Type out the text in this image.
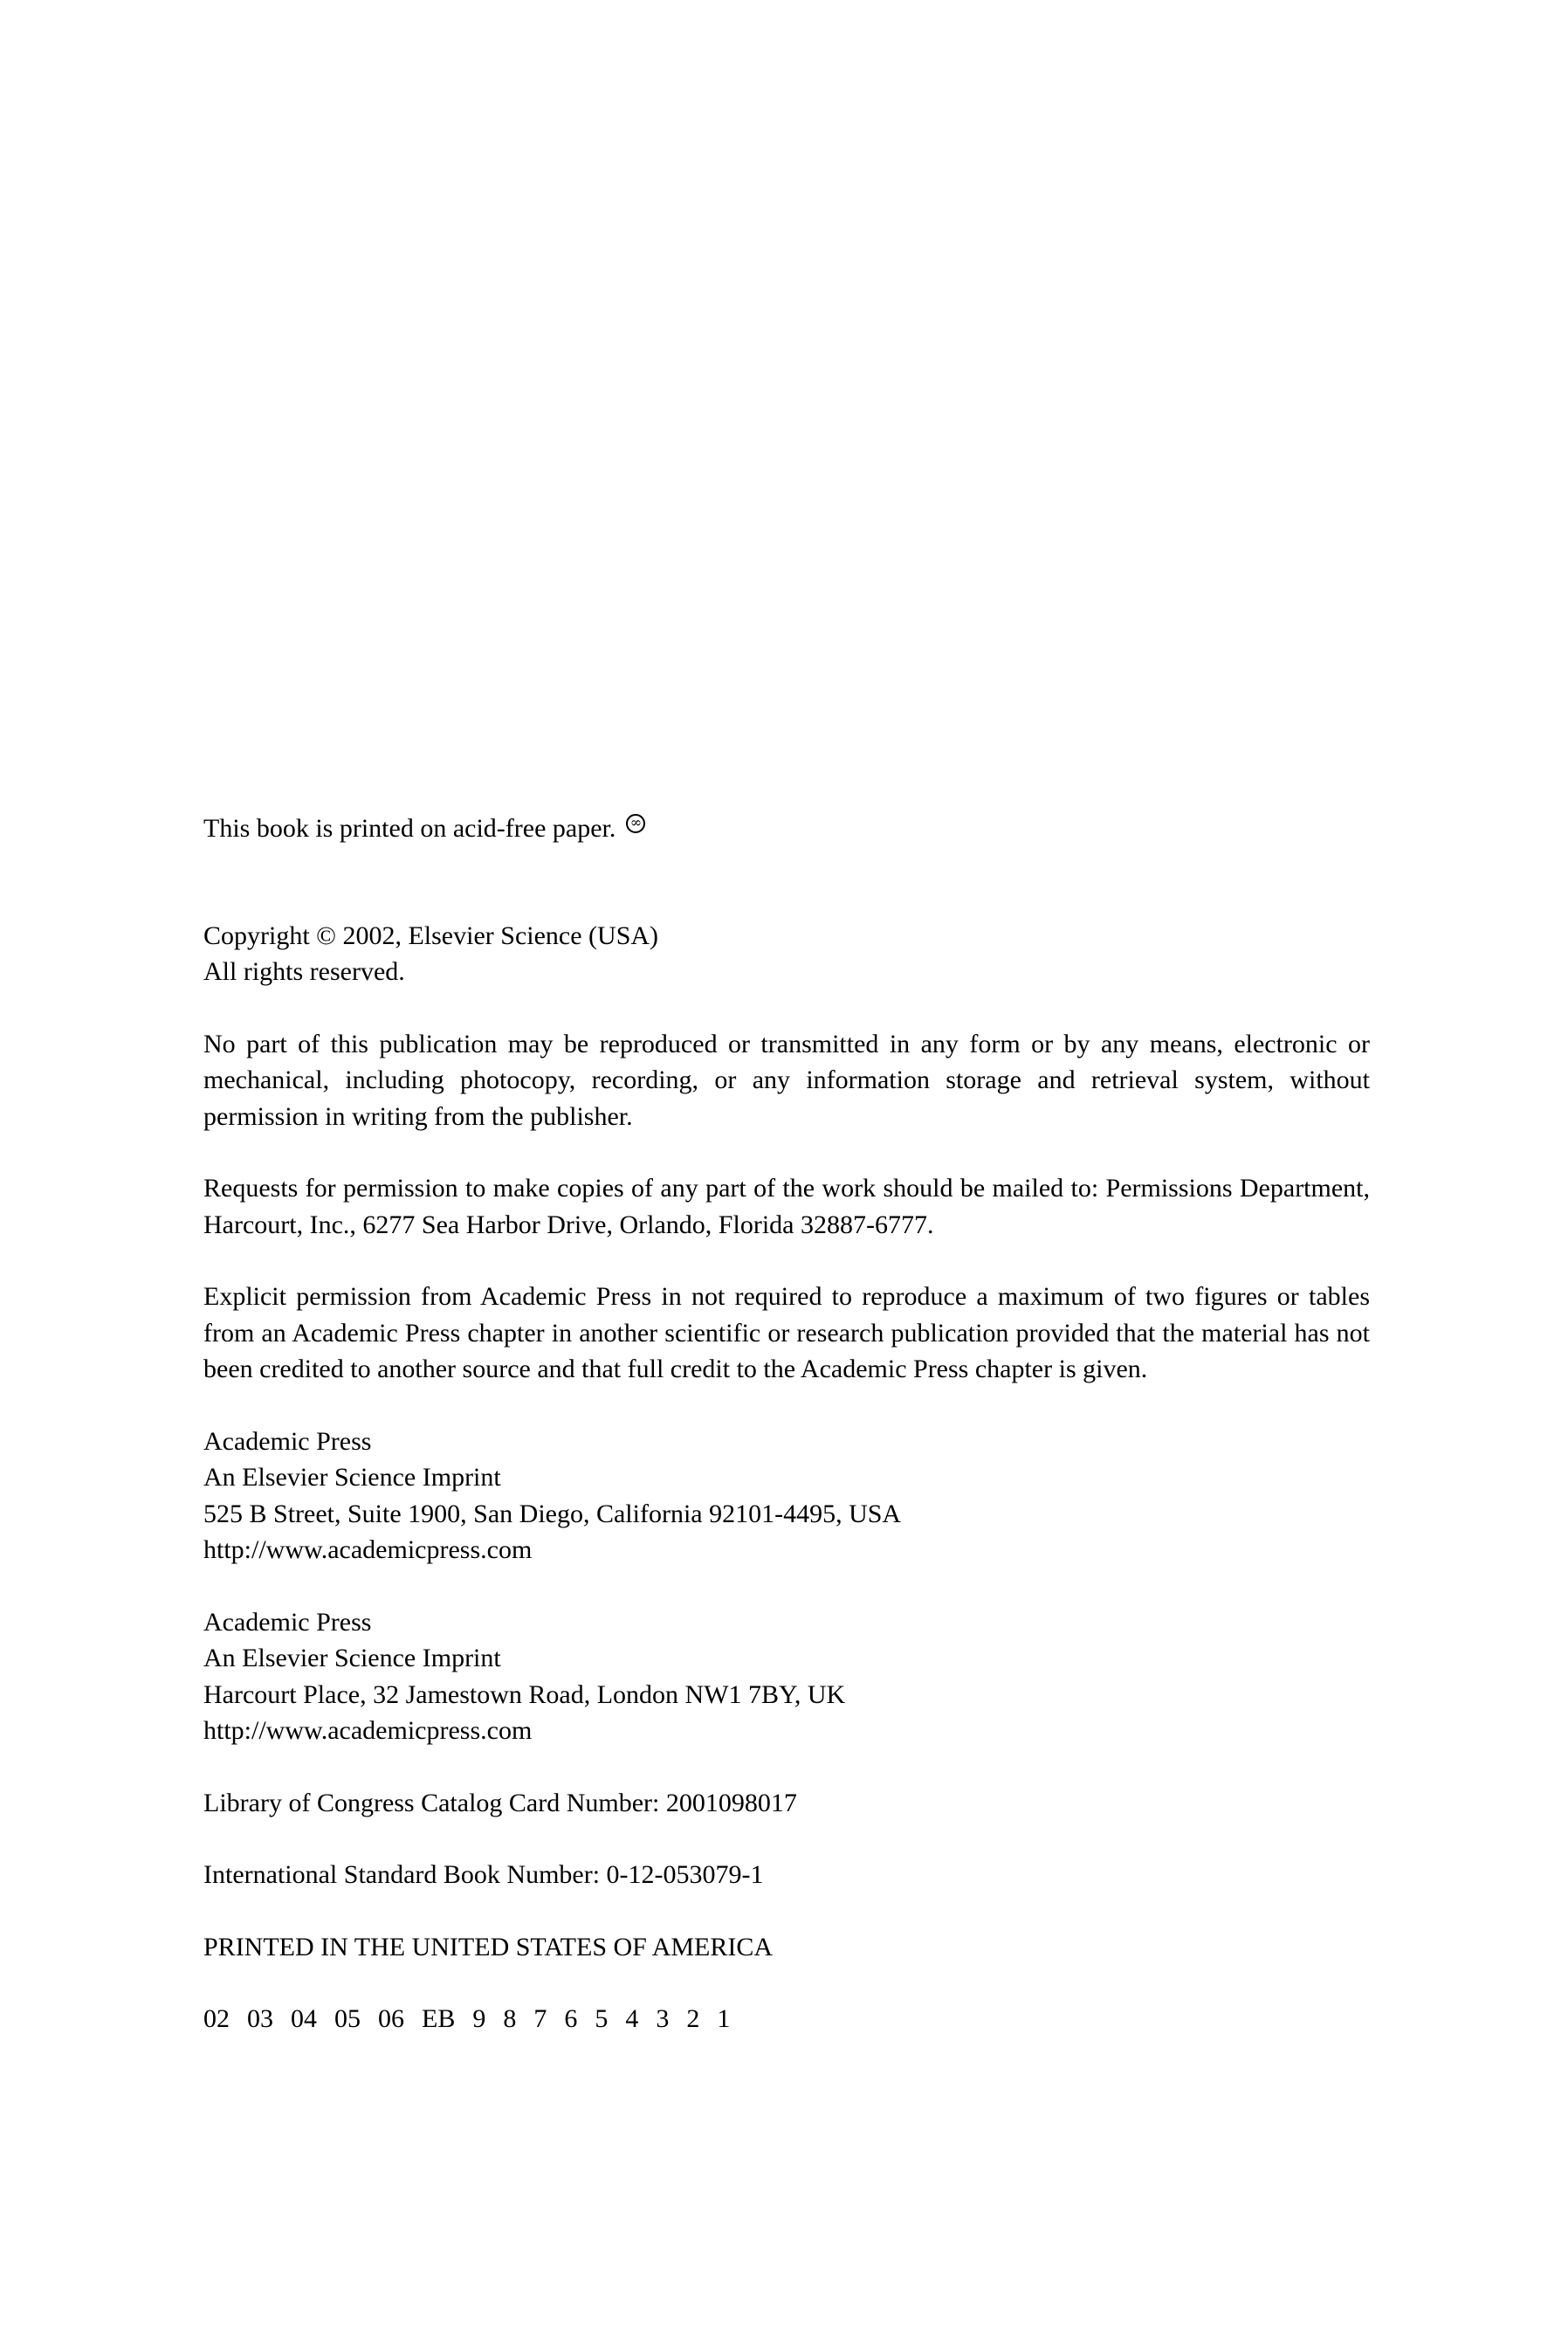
This book is printed on acid-free paper.∞

Copyright © 2002, Elsevier Science (USA)
All rights reserved.

No part of this publication may be reproduced or transmitted in any form or by any means, electronic or mechanical, including photocopy, recording, or any information storage and retrieval system, without permission in writing from the publisher.

Requests for permission to make copies of any part of the work should be mailed to: Permissions Department, Harcourt, Inc., 6277 Sea Harbor Drive, Orlando, Florida 32887-6777.

Explicit permission from Academic Press in not required to reproduce a maximum of two figures or tables from an Academic Press chapter in another scientific or research publication provided that the material has not been credited to another source and that full credit to the Academic Press chapter is given.

Academic Press
An Elsevier Science Imprint
525 B Street, Suite 1900, San Diego, California 92101-4495, USA
http://www.academicpress.com

Academic Press
An Elsevier Science Imprint
Harcourt Place, 32 Jamestown Road, London NW1 7BY, UK
http://www.academicpress.com

Library of Congress Catalog Card Number: 2001098017

International Standard Book Number: 0-12-053079-1

PRINTED IN THE UNITED STATES OF AMERICA

02 03 04 05 06 EB 9 8 7 6 5 4 3 2 1
